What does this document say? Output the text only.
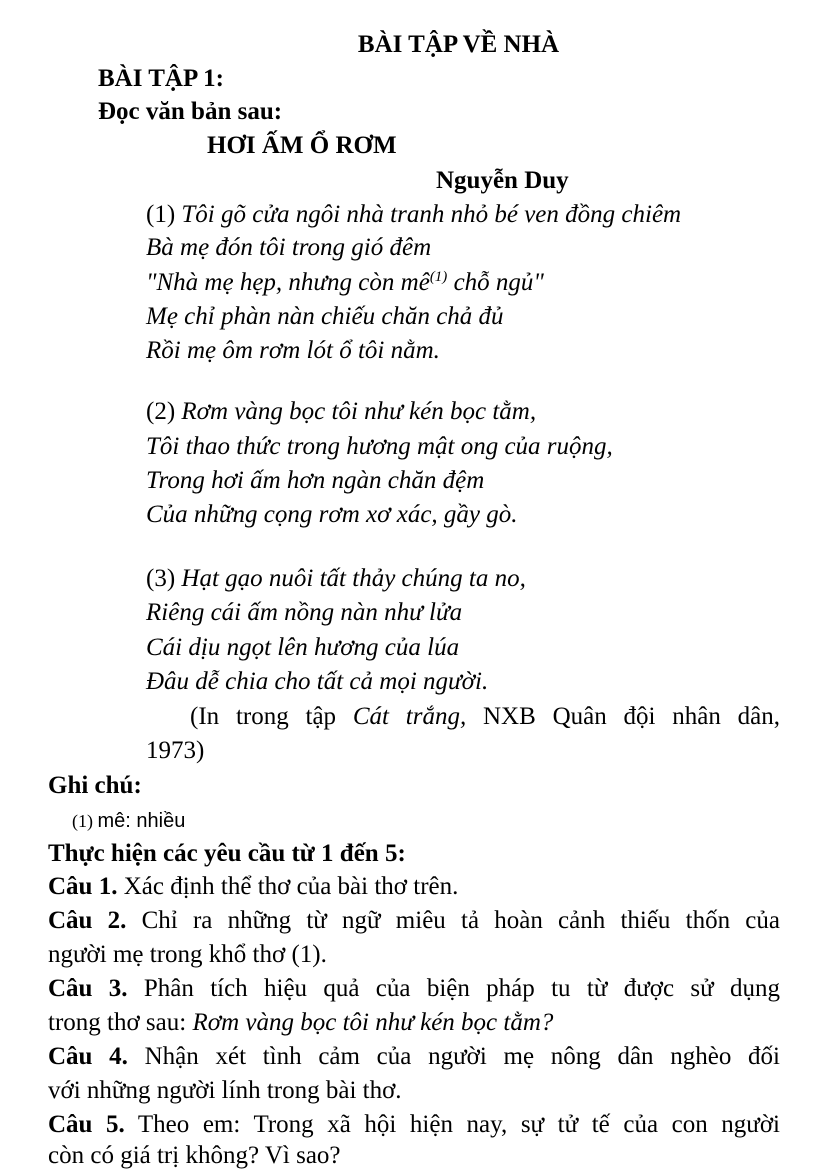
BÀI TẬP VỀ NHÀ
BÀI TẬP 1:
Đọc văn bản sau:
HƠI ẤM Ổ RƠM
Nguyễn Duy
(1) Tôi gõ cửa ngôi nhà tranh nhỏ bé ven đồng chiêm
Bà mẹ đón tôi trong gió đêm
"Nhà mẹ hẹp, nhưng còn $mê^{(1)}$ chỗ ngủ"
Mẹ chỉ phàn nàn chiếu chăn chả đủ
Rồi mẹ ôm rơm lót ổ tôi nằm.
(2) Rơm vàng bọc tôi như kén bọc tằm,
Tôi thao thức trong hương mật ong của ruộng,
Trong hơi ấm hơn ngàn chăn đệm
Của những cọng rơm xơ xác, gầy gò.
(3) Hạt gạo nuôi tất thảy chúng ta no,
Riêng cái ấm nồng nàn như lửa
Cái dịu ngọt lên hương của lúa
Đâu dễ chia cho tất cả mọi người.
(In trong tập Cát trắng, NXB Quân đội nhân dân,
1973)
Ghi chú:
(1) mê: nhiều
Thực hiện các yêu cầu từ 1 đến 5:
Câu 1. Xác định thể thơ của bài thơ trên.
Câu 2. Chỉ ra những từ ngữ miêu tả hoàn cảnh thiếu thốn của
người mẹ trong khổ thơ (1).
Câu 3. Phân tích hiệu quả của biện pháp tu từ được sử dụng
trong thơ sau: Rơm vàng bọc tôi như kén bọc tằm?
Câu 4. Nhận xét tình cảm của người mẹ nông dân nghèo đối
với những người lính trong bài thơ.
Câu 5. Theo em: Trong xã hội hiện nay, sự tử tế của con người
còn có giá trị không? Vì sao?
